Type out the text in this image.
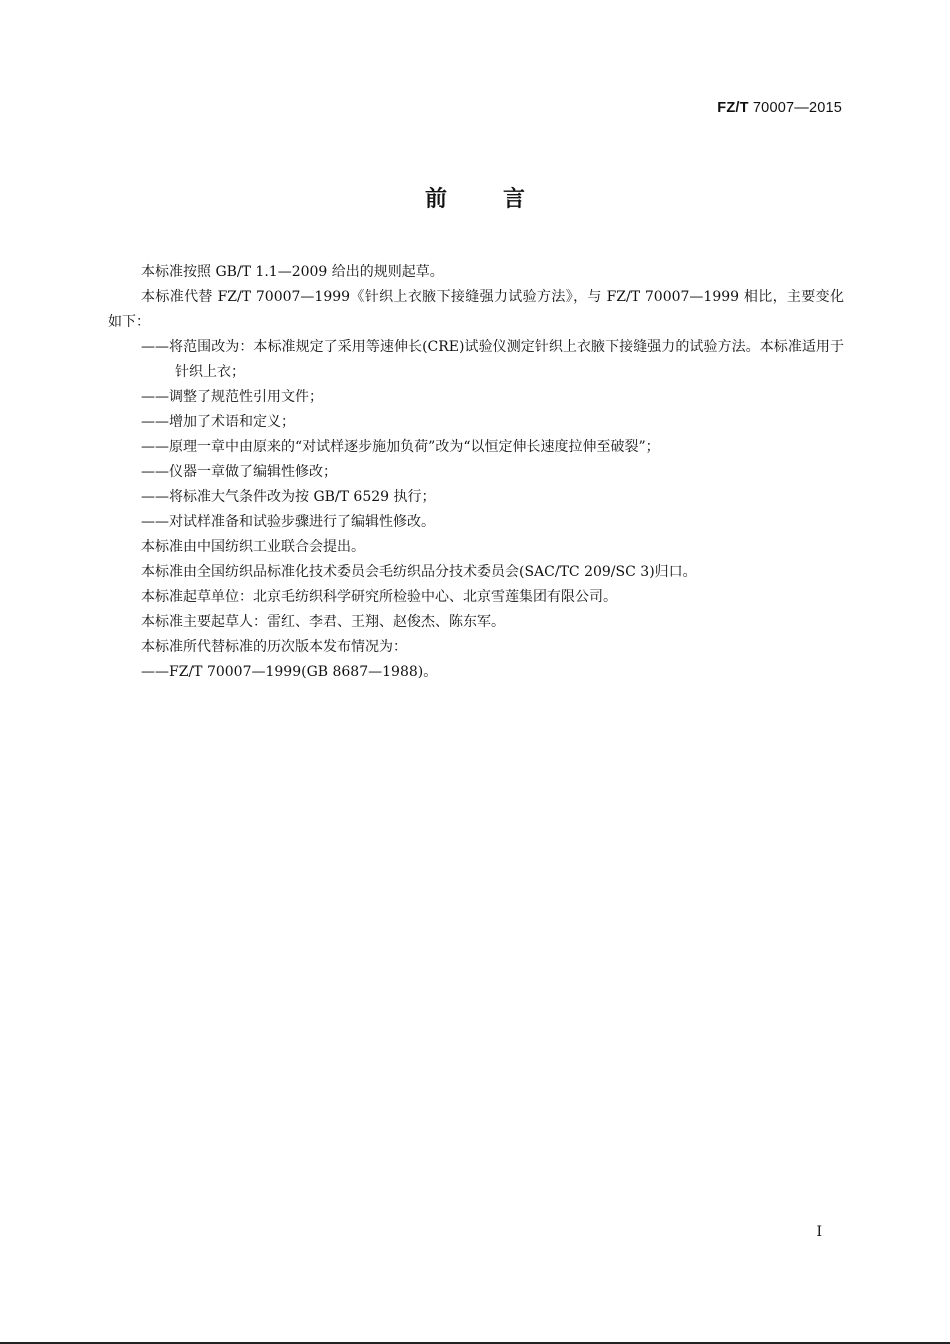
FZ/T 70007—2015
前言

本标准按照 GB/T 1.1—2009 给出的规则起草。

本标准代替 FZ/T 70007—1999《针织上衣腋下接缝强力试验方法》，与 FZ/T 70007—1999 相比，主要变化如下：

——将范围改为：本标准规定了采用等速伸长(CRE)试验仪测定针织上衣腋下接缝强力的试验方法。本标准适用于针织上衣；

——调整了规范性引用文件；

——增加了术语和定义；

——原理一章中由原来的“对试样逐步施加负荷”改为“以恒定伸长速度拉伸至破裂”；

——仪器一章做了编辑性修改；

——将标准大气条件改为按 GB/T 6529 执行；

——对试样准备和试验步骤进行了编辑性修改。

本标准由中国纺织工业联合会提出。

本标准由全国纺织品标准化技术委员会毛纺织品分技术委员会(SAC/TC 209/SC 3)归口。

本标准起草单位：北京毛纺织科学研究所检验中心、北京雪莲集团有限公司。

本标准主要起草人：雷红、李君、王翔、赵俊杰、陈东军。

本标准所代替标准的历次版本发布情况为：

——FZ/T 70007—1999(GB 8687—1988)。

I
